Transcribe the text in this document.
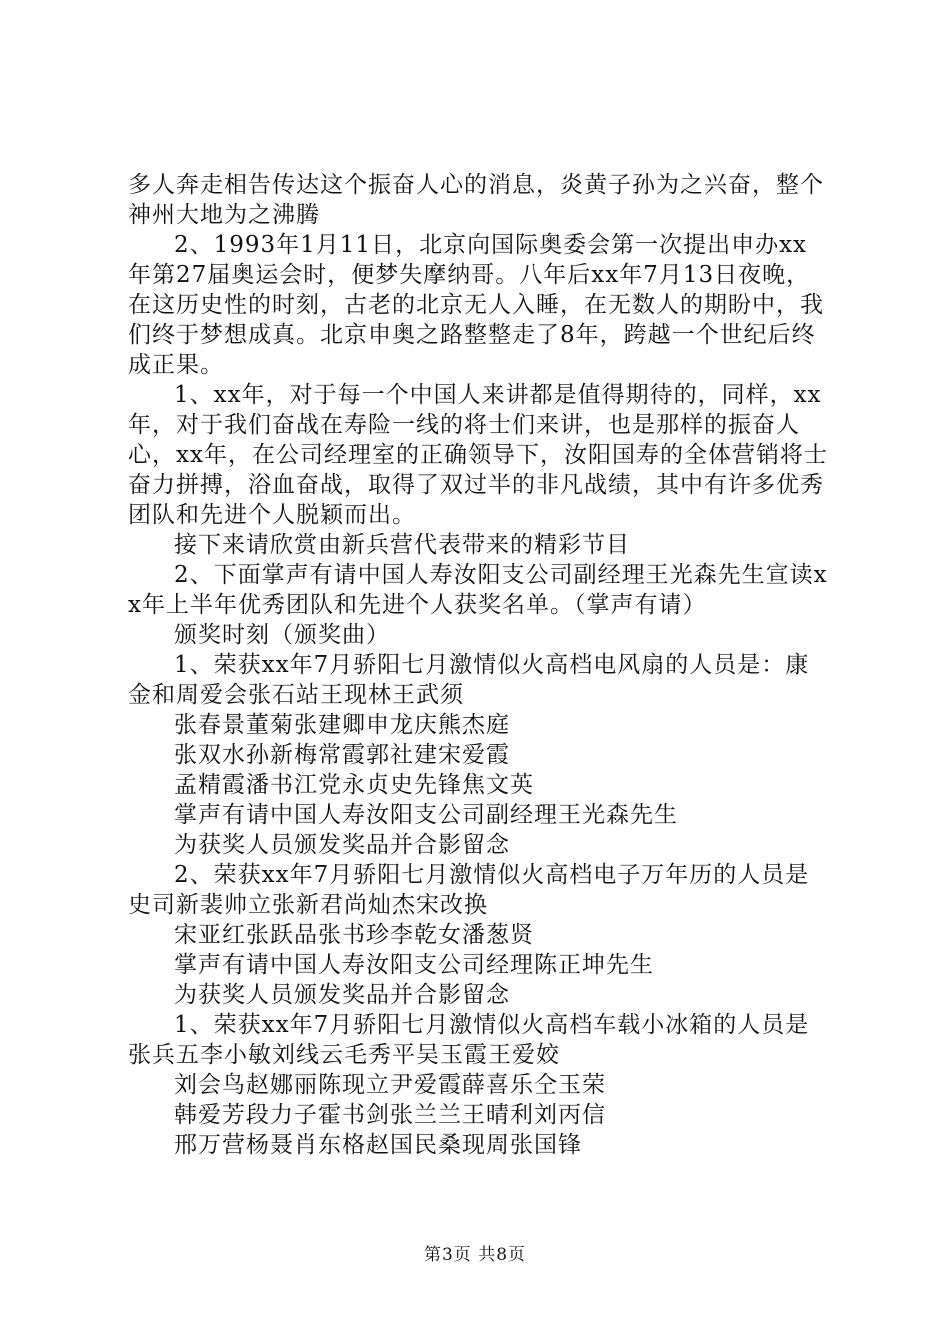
多人奔走相告传达这个振奋人心的消息，炎黄子孙为之兴奋，整个神州大地为之沸腾

2、1993年1月11日，北京向国际奥委会第一次提出申办xx年第27届奥运会时，便梦失摩纳哥。八年后xx年7月13日夜晚，在这历史性的时刻，古老的北京无人入睡，在无数人的期盼中，我们终于梦想成真。北京申奥之路整整走了8年，跨越一个世纪后终成正果。

1、xx年，对于每一个中国人来讲都是值得期待的，同样，xx年，对于我们奋战在寿险一线的将士们来讲，也是那样的振奋人心，xx年，在公司经理室的正确领导下，汝阳国寿的全体营销将士奋力拼搏，浴血奋战，取得了双过半的非凡战绩，其中有许多优秀团队和先进个人脱颖而出。

接下来请欣赏由新兵营代表带来的精彩节目

2、下面掌声有请中国人寿汝阳支公司副经理王光森先生宣读xx年上半年优秀团队和先进个人获奖名单。（掌声有请）

颁奖时刻（颁奖曲）

1、荣获xx年7月骄阳七月激情似火高档电风扇的人员是：康金和周爱会张石站王现林王武须

张春景董菊张建卿申龙庆熊杰庭

张双水孙新梅常霞郭社建宋爱霞

孟精霞潘书江党永贞史先锋焦文英

掌声有请中国人寿汝阳支公司副经理王光森先生

为获奖人员颁发奖品并合影留念

2、荣获xx年7月骄阳七月激情似火高档电子万年历的人员是史司新裴帅立张新君尚灿杰宋改换

宋亚红张跃品张书珍李乾女潘葱贤

掌声有请中国人寿汝阳支公司经理陈正坤先生

为获奖人员颁发奖品并合影留念

1、荣获xx年7月骄阳七月激情似火高档车载小冰箱的人员是张兵五李小敏刘线云毛秀平吴玉霞王爱姣

刘会鸟赵娜丽陈现立尹爱霞薛喜乐仝玉荣

韩爱芳段力子霍书剑张兰兰王晴利刘丙信

邢万营杨聂肖东格赵国民桑现周张国锋

第3页 共8页
